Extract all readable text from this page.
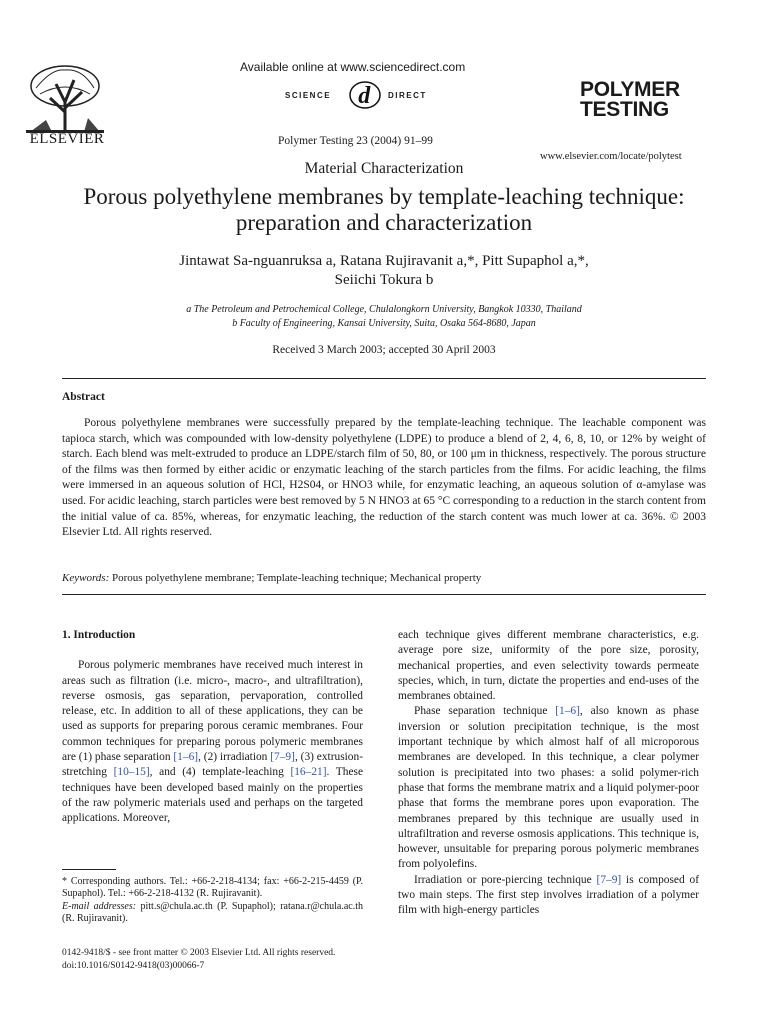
ELSEVIER
Available online at www.sciencedirect.com
SCIENCE d DIRECT
Polymer Testing 23 (2004) 91–99
POLYMER
TESTING
www.elsevier.com/locate/polytest
Material Characterization
Porous polyethylene membranes by template-leaching technique: preparation and characterization
Jintawat Sa-nguanruksa a, Ratana Rujiravanit a,*, Pitt Supaphol a,*,
Seiichi Tokura b
a The Petroleum and Petrochemical College, Chulalongkorn University, Bangkok 10330, Thailand
b Faculty of Engineering, Kansai University, Suita, Osaka 564-8680, Japan
Received 3 March 2003; accepted 30 April 2003
Abstract
Porous polyethylene membranes were successfully prepared by the template-leaching technique. The leachable component was tapioca starch, which was compounded with low-density polyethylene (LDPE) to produce a blend of 2, 4, 6, 8, 10, or 12% by weight of starch. Each blend was melt-extruded to produce an LDPE/starch film of 50, 80, or 100 μm in thickness, respectively. The porous structure of the films was then formed by either acidic or enzymatic leaching of the starch particles from the films. For acidic leaching, the films were immersed in an aqueous solution of HCl, H2S04, or HNO3 while, for enzymatic leaching, an aqueous solution of α-amylase was used. For acidic leaching, starch particles were best removed by 5 N HNO3 at 65 °C corresponding to a reduction in the starch content from the initial value of ca. 85%, whereas, for enzymatic leaching, the reduction of the starch content was much lower at ca. 36%. © 2003 Elsevier Ltd. All rights reserved.
Keywords: Porous polyethylene membrane; Template-leaching technique; Mechanical property
1. Introduction

Porous polymeric membranes have received much interest in areas such as filtration (i.e. micro-, macro-, and ultrafiltration), reverse osmosis, gas separation, pervaporation, controlled release, etc. In addition to all of these applications, they can be used as supports for preparing porous ceramic membranes. Four common techniques for preparing porous polymeric membranes are (1) phase separation [1–6], (2) irradiation [7–9], (3) extrusion-stretching [10–15], and (4) template-leaching [16–21]. These techniques have been developed based mainly on the properties of the raw polymeric materials used and perhaps on the targeted applications. Moreover,

* Corresponding authors. Tel.: +66-2-218-4134; fax: +66-2-215-4459 (P. Supaphol). Tel.: +66-2-218-4132 (R. Rujiravanit).
E-mail addresses: pitt.s@chula.ac.th (P. Supaphol); ratana.r@chula.ac.th (R. Rujiravanit).
0142-9418/$ - see front matter © 2003 Elsevier Ltd. All rights reserved.
doi:10.1016/S0142-9418(03)00066-7

each technique gives different membrane characteristics, e.g. average pore size, uniformity of the pore size, porosity, mechanical properties, and even selectivity towards permeate species, which, in turn, dictate the properties and end-uses of the membranes obtained.

Phase separation technique [1–6], also known as phase inversion or solution precipitation technique, is the most important technique by which almost half of all microporous membranes are developed. In this technique, a clear polymer solution is precipitated into two phases: a solid polymer-rich phase that forms the membrane matrix and a liquid polymer-poor phase that forms the membrane pores upon evaporation. The membranes prepared by this technique are usually used in ultrafiltration and reverse osmosis applications. This technique is, however, unsuitable for preparing porous polymeric membranes from polyolefins.

Irradiation or pore-piercing technique [7–9] is composed of two main steps. The first step involves irradiation of a polymer film with high-energy particles
